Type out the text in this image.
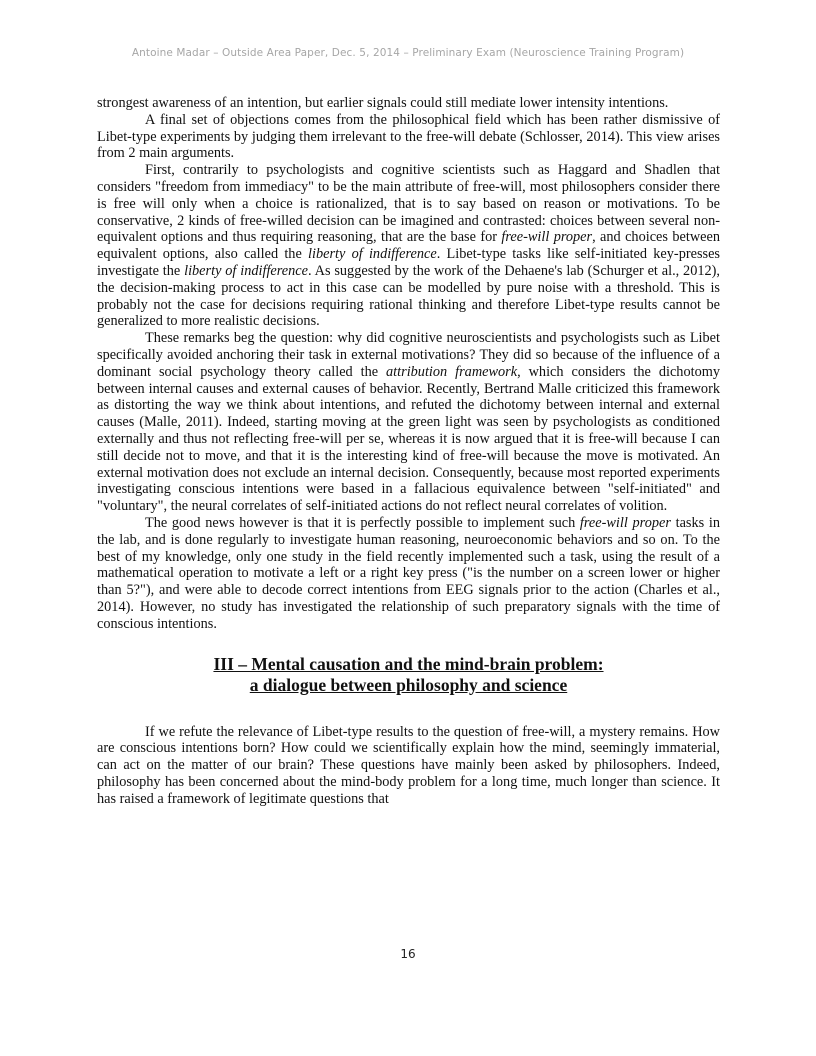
Antoine Madar – Outside Area Paper, Dec. 5, 2014 – Preliminary Exam (Neuroscience Training Program)

strongest awareness of an intention, but earlier signals could still mediate lower intensity intentions.

A final set of objections comes from the philosophical field which has been rather dismissive of Libet-type experiments by judging them irrelevant to the free-will debate (Schlosser, 2014). This view arises from 2 main arguments.

First, contrarily to psychologists and cognitive scientists such as Haggard and Shadlen that considers "freedom from immediacy" to be the main attribute of free-will, most philosophers consider there is free will only when a choice is rationalized, that is to say based on reason or motivations. To be conservative, 2 kinds of free-willed decision can be imagined and contrasted: choices between several non-equivalent options and thus requiring reasoning, that are the base for free-will proper, and choices between equivalent options, also called the liberty of indifference. Libet-type tasks like self-initiated key-presses investigate the liberty of indifference. As suggested by the work of the Dehaene's lab (Schurger et al., 2012), the decision-making process to act in this case can be modelled by pure noise with a threshold. This is probably not the case for decisions requiring rational thinking and therefore Libet-type results cannot be generalized to more realistic decisions.

These remarks beg the question: why did cognitive neuroscientists and psychologists such as Libet specifically avoided anchoring their task in external motivations? They did so because of the influence of a dominant social psychology theory called the attribution framework, which considers the dichotomy between internal causes and external causes of behavior. Recently, Bertrand Malle criticized this framework as distorting the way we think about intentions, and refuted the dichotomy between internal and external causes (Malle, 2011). Indeed, starting moving at the green light was seen by psychologists as conditioned externally and thus not reflecting free-will per se, whereas it is now argued that it is free-will because I can still decide not to move, and that it is the interesting kind of free-will because the move is motivated. An external motivation does not exclude an internal decision. Consequently, because most reported experiments investigating conscious intentions were based in a fallacious equivalence between "self-initiated" and "voluntary", the neural correlates of self-initiated actions do not reflect neural correlates of volition.

The good news however is that it is perfectly possible to implement such free-will proper tasks in the lab, and is done regularly to investigate human reasoning, neuroeconomic behaviors and so on. To the best of my knowledge, only one study in the field recently implemented such a task, using the result of a mathematical operation to motivate a left or a right key press ("is the number on a screen lower or higher than 5?"), and were able to decode correct intentions from EEG signals prior to the action (Charles et al., 2014). However, no study has investigated the relationship of such preparatory signals with the time of conscious intentions.

III – Mental causation and the mind-brain problem:
a dialogue between philosophy and science

If we refute the relevance of Libet-type results to the question of free-will, a mystery remains. How are conscious intentions born? How could we scientifically explain how the mind, seemingly immaterial, can act on the matter of our brain? These questions have mainly been asked by philosophers. Indeed, philosophy has been concerned about the mind-body problem for a long time, much longer than science. It has raised a framework of legitimate questions that

16
